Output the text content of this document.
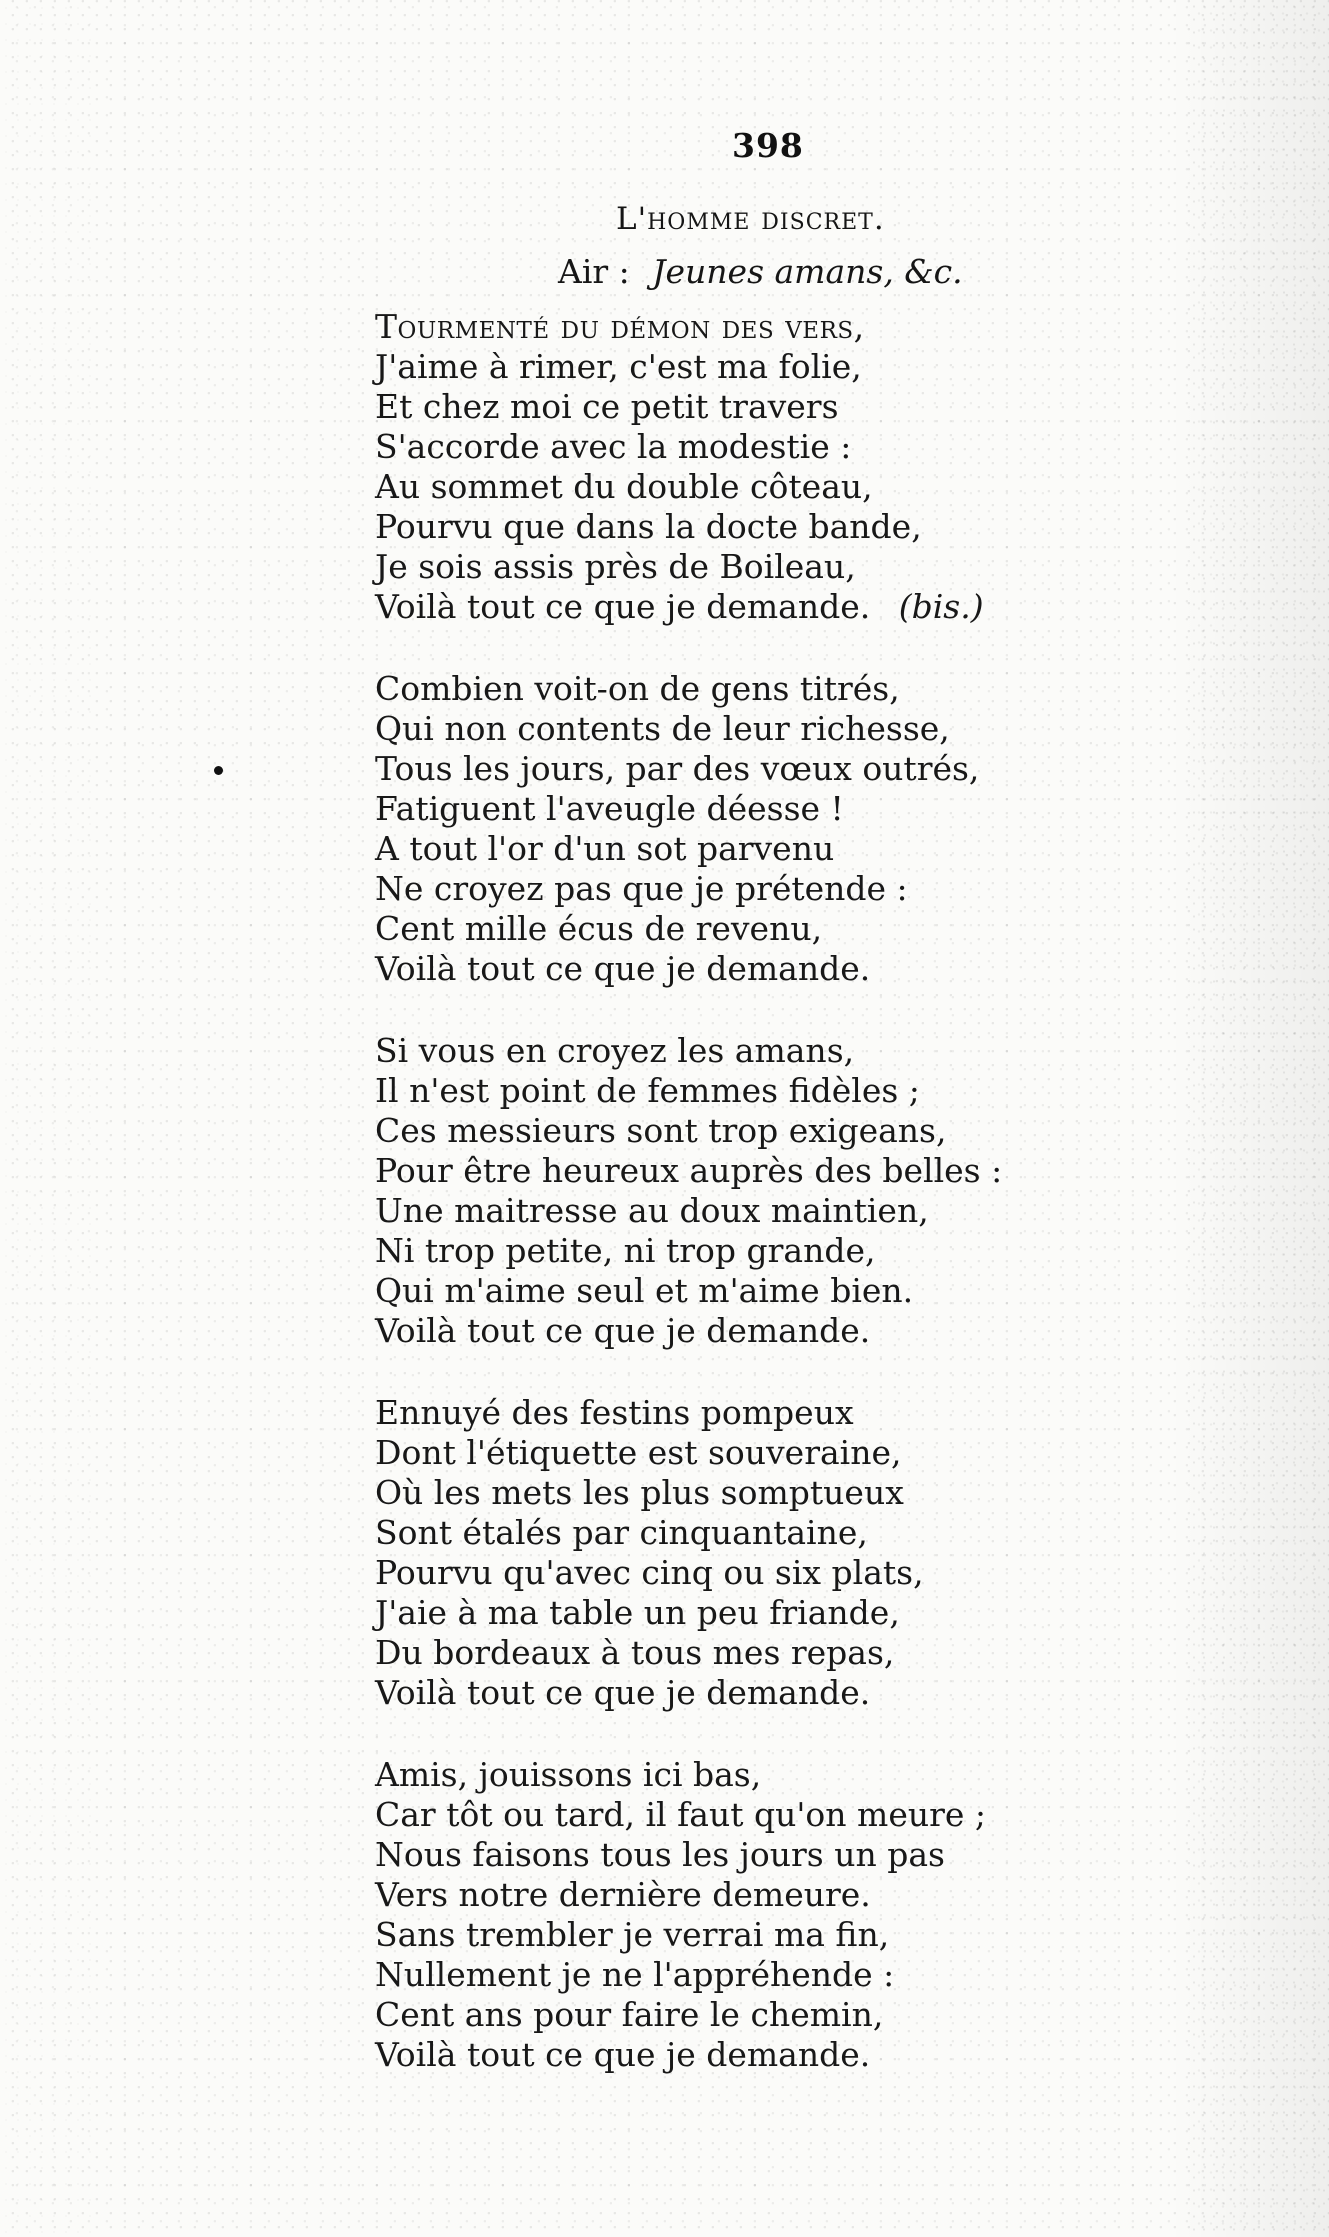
398
L'homme discret.
Air : Jeunes amans, &c.
Tourmenté du démon des vers,
J'aime à rimer, c'est ma folie,
Et chez moi ce petit travers
S'accorde avec la modestie :
Au sommet du double côteau,
Pourvu que dans la docte bande,
Je sois assis près de Boileau,
Voilà tout ce que je demande. (bis.)
Combien voit-on de gens titrés,
Qui non contents de leur richesse,
Tous les jours, par des vœux outrés,
Fatiguent l'aveugle déesse !
A tout l'or d'un sot parvenu
Ne croyez pas que je prétende :
Cent mille écus de revenu,
Voilà tout ce que je demande.
Si vous en croyez les amans,
Il n'est point de femmes fidèles ;
Ces messieurs sont trop exigeans,
Pour être heureux auprès des belles :
Une maitresse au doux maintien,
Ni trop petite, ni trop grande,
Qui m'aime seul et m'aime bien.
Voilà tout ce que je demande.
Ennuyé des festins pompeux
Dont l'étiquette est souveraine,
Où les mets les plus somptueux
Sont étalés par cinquantaine,
Pourvu qu'avec cinq ou six plats,
J'aie à ma table un peu friande,
Du bordeaux à tous mes repas,
Voilà tout ce que je demande.
Amis, jouissons ici bas,
Car tôt ou tard, il faut qu'on meure ;
Nous faisons tous les jours un pas
Vers notre dernière demeure.
Sans trembler je verrai ma fin,
Nullement je ne l'appréhende :
Cent ans pour faire le chemin,
Voilà tout ce que je demande.
